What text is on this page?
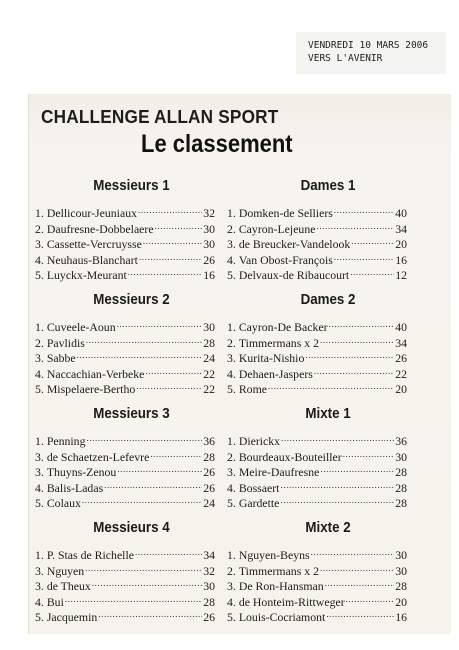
VENDREDI 10 MARS 2006
VERS L'AVENIR
CHALLENGE ALLAN SPORT
Le classement
Messieurs 1
1. Dellicour-Jeuniaux .....	32
2. Daufresne-Dobbelaere .....	30
3. Cassette-Vercruysse .....	30
4. Neuhaus-Blanchart .....	26
5. Luyckx-Meurant .....	16
Messieurs 2
1. Cuveele-Aoun .....	30
2. Pavlidis .....	28
3. Sabbe .....	24
4. Naccachian-Verbeke .....	22
5. Mispelaere-Bertho .....	22
Messieurs 3
1. Penning .....	36
3. de Schaetzen-Lefevre .....	28
3. Thuyns-Zenou .....	26
4. Balis-Ladas .....	26
5. Colaux .....	24
Messieurs 4
1. P. Stas de Richelle .....	34
3. Nguyen .....	32
3. de Theux .....	30
4. Bui .....	28
5. Jacquemin .....	26
Dames 1
1. Domken-de Selliers .....	40
2. Cayron-Lejeune .....	34
3. de Breucker-Vandelook .....	20
4. Van Obost-François .....	16
5. Delvaux-de Ribaucourt .....	12
Dames 2
1. Cayron-De Backer .....	40
2. Timmermans x 2 .....	34
3. Kurita-Nishio .....	26
4. Dehaen-Jaspers .....	22
5. Rome .....	20
Mixte 1
1. Dierickx .....	36
2. Bourdeaux-Bouteiller .....	30
3. Meire-Daufresne .....	28
4. Bossaert .....	28
5. Gardette .....	28
Mixte 2
1. Nguyen-Beyns .....	30
2. Timmermans x 2 .....	30
3. De Ron-Hansman .....	28
4. de Honteim-Rittweger .....	20
5. Louis-Cocriamont .....	16
